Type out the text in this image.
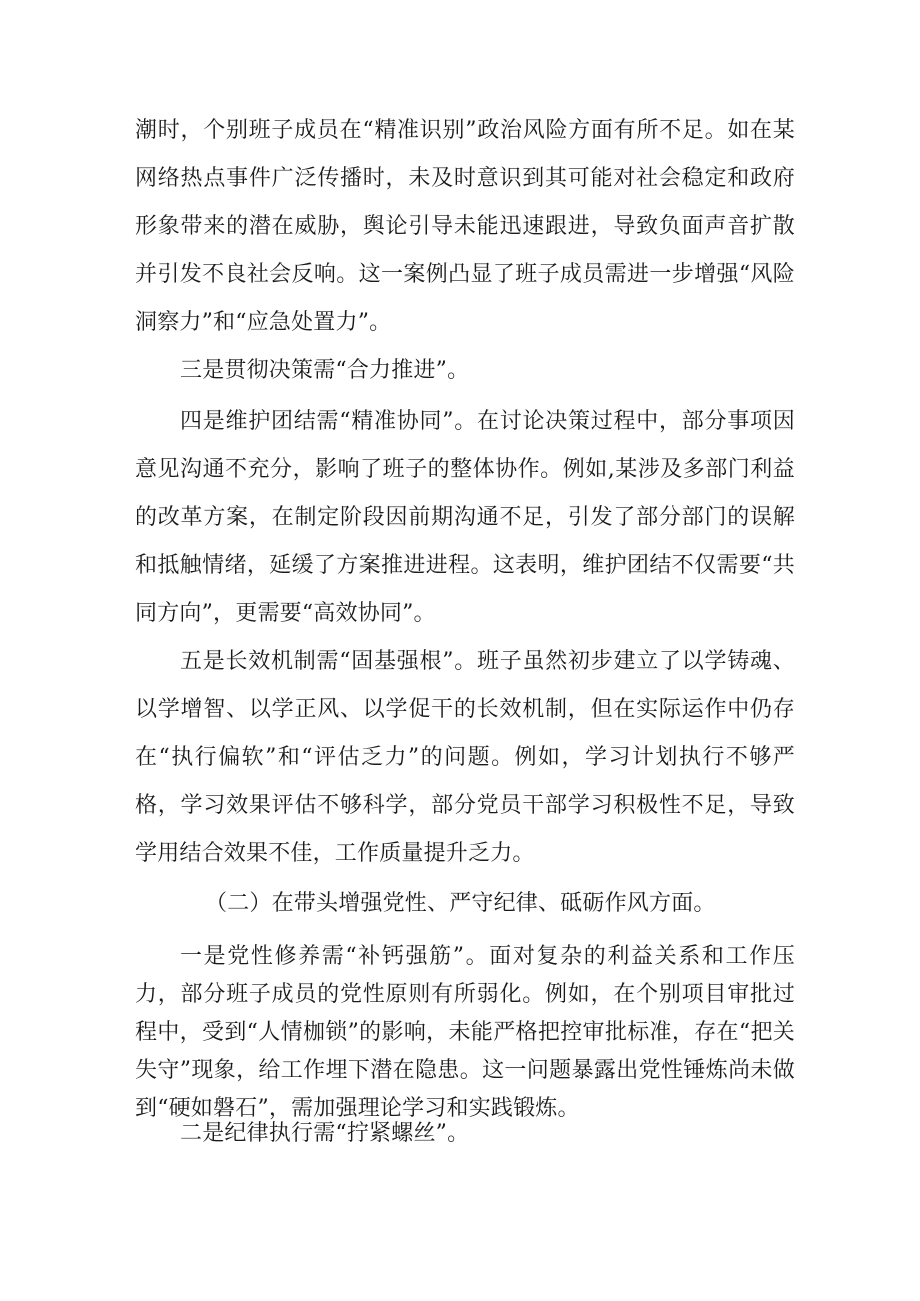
潮时，个别班子成员在“精准识别”政治风险方面有所不足。如在某网络热点事件广泛传播时，未及时意识到其可能对社会稳定和政府形象带来的潜在威胁，舆论引导未能迅速跟进，导致负面声音扩散并引发不良社会反响。这一案例凸显了班子成员需进一步增强“风险洞察力”和“应急处置力”。

三是贯彻决策需“合力推进”。

四是维护团结需“精准协同”。在讨论决策过程中，部分事项因意见沟通不充分，影响了班子的整体协作。例如,某涉及多部门利益的改革方案，在制定阶段因前期沟通不足，引发了部分部门的误解和抵触情绪，延缓了方案推进进程。这表明，维护团结不仅需要“共同方向”，更需要“高效协同”。

五是长效机制需“固基强根”。班子虽然初步建立了以学铸魂、以学增智、以学正风、以学促干的长效机制，但在实际运作中仍存在“执行偏软”和“评估乏力”的问题。例如，学习计划执行不够严格，学习效果评估不够科学，部分党员干部学习积极性不足，导致学用结合效果不佳，工作质量提升乏力。

（二）在带头增强党性、严守纪律、砥砺作风方面。

一是党性修养需“补钙强筋”。面对复杂的利益关系和工作压力，部分班子成员的党性原则有所弱化。例如，在个别项目审批过程中，受到“人情枷锁”的影响，未能严格把控审批标准，存在“把关失守”现象，给工作埋下潜在隐患。这一问题暴露出党性锤炼尚未做到“硬如磐石”，需加强理论学习和实践锻炼。

二是纪律执行需“拧紧螺丝”。
